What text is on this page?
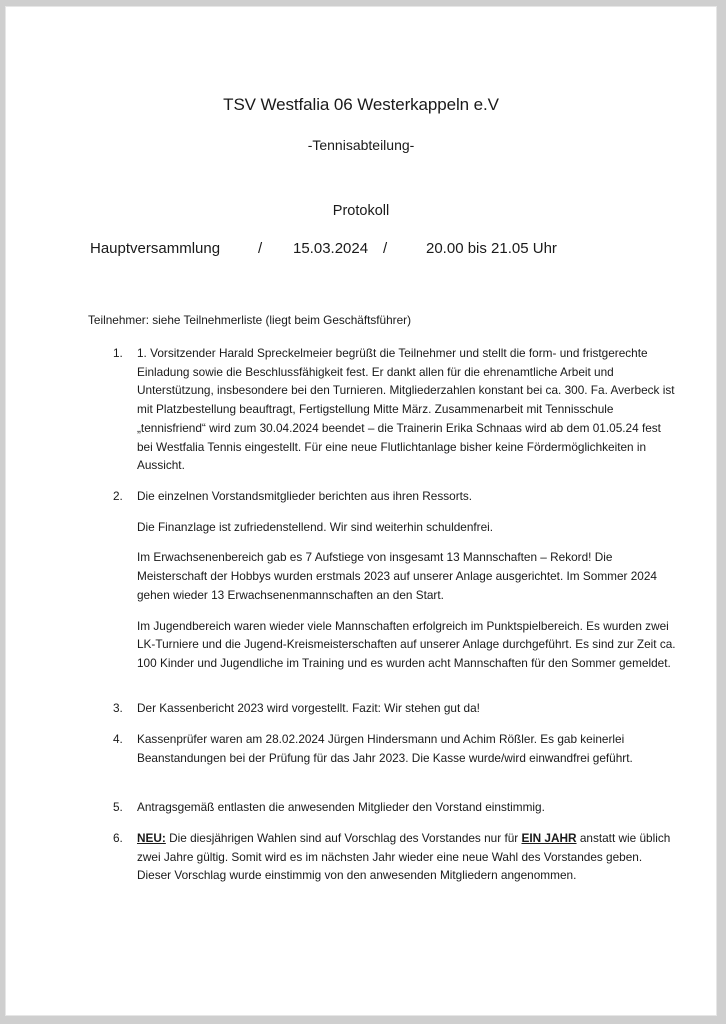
TSV Westfalia 06 Westerkappeln e.V
-Tennisabteilung-
Protokoll
Hauptversammlung	/ 15.03.2024 /	20.00 bis 21.05 Uhr
Teilnehmer: siehe Teilnehmerliste (liegt beim Geschäftsführer)
1. 1. Vorsitzender Harald Spreckelmeier begrüßt die Teilnehmer und stellt die form- und fristgerechte Einladung sowie die Beschlussfähigkeit fest. Er dankt allen für die ehrenamtliche Arbeit und Unterstützung, insbesondere bei den Turnieren. Mitgliederzahlen konstant bei ca. 300. Fa. Averbeck ist mit Platzbestellung beauftragt, Fertigstellung Mitte März. Zusammenarbeit mit Tennisschule „tennisfriend“ wird zum 30.04.2024 beendet – die Trainerin Erika Schnaas wird ab dem 01.05.24 fest bei Westfalia Tennis eingestellt. Für eine neue Flutlichtanlage bisher keine Fördermöglichkeiten in Aussicht.

2. Die einzelnen Vorstandsmitglieder berichten aus ihren Ressorts.

Die Finanzlage ist zufriedenstellend. Wir sind weiterhin schuldenfrei.

Im Erwachsenenbereich gab es 7 Aufstiege von insgesamt 13 Mannschaften – Rekord! Die Meisterschaft der Hobbys wurden erstmals 2023 auf unserer Anlage ausgerichtet. Im Sommer 2024 gehen wieder 13 Erwachsenenmannschaften an den Start.

Im Jugendbereich waren wieder viele Mannschaften erfolgreich im Punktspielbereich. Es wurden zwei LK-Turniere und die Jugend-Kreismeisterschaften auf unserer Anlage durchgeführt. Es sind zur Zeit ca. 100 Kinder und Jugendliche im Training und es wurden acht Mannschaften für den Sommer gemeldet.

3. Der Kassenbericht 2023 wird vorgestellt. Fazit: Wir stehen gut da!

4. Kassenprüfer waren am 28.02.2024 Jürgen Hindersmann und Achim Rößler. Es gab keinerlei Beanstandungen bei der Prüfung für das Jahr 2023. Die Kasse wurde/wird einwandfrei geführt.

5. Antragsgemäß entlasten die anwesenden Mitglieder den Vorstand einstimmig.

6. NEU: Die diesjährigen Wahlen sind auf Vorschlag des Vorstandes nur für EIN JAHR anstatt wie üblich zwei Jahre gültig. Somit wird es im nächsten Jahr wieder eine neue Wahl des Vorstandes geben. Dieser Vorschlag wurde einstimmig von den anwesenden Mitgliedern angenommen.
